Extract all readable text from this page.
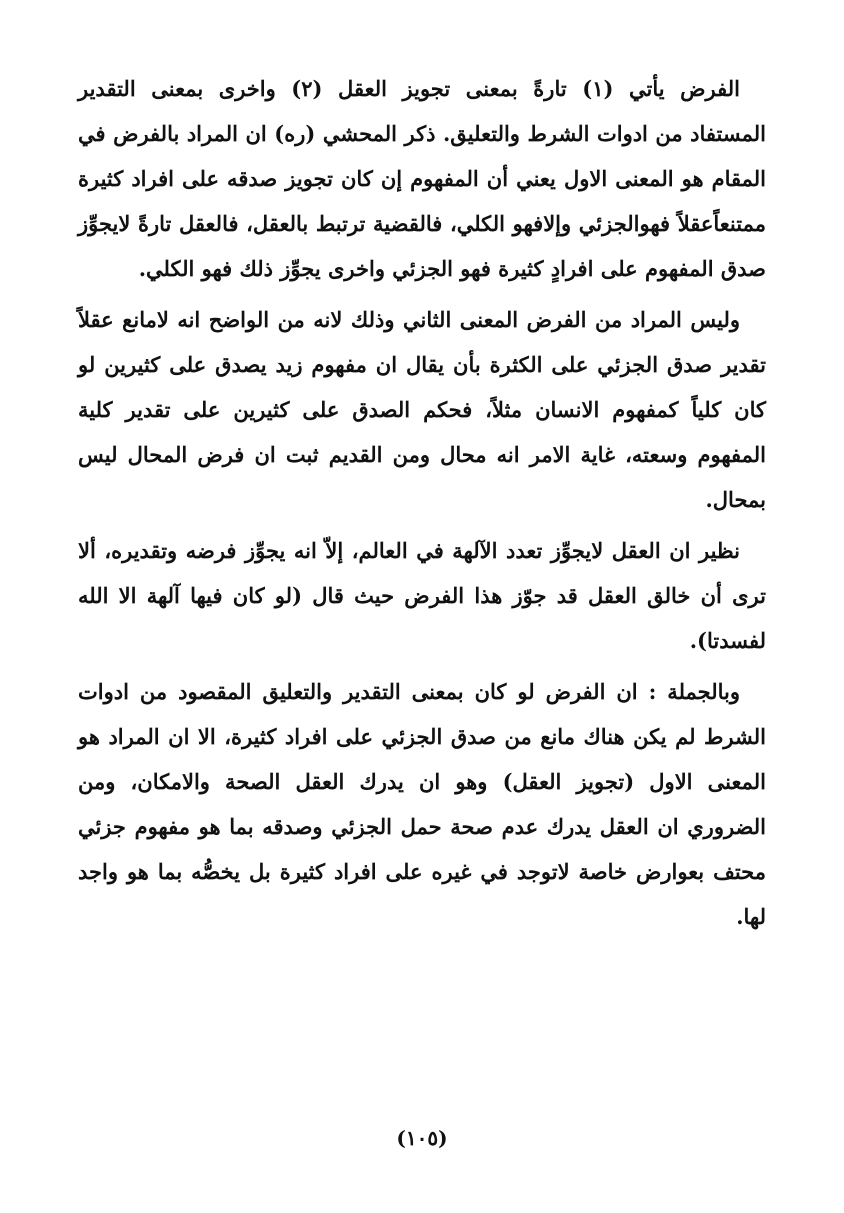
الفرض يأتي (١) تارةً بمعنى تجويز العقل (٢) واخرى بمعنى التقدير المستفاد من ادوات الشرط والتعليق. ذكر المحشي (ره) ان المراد بالفرض في المقام هو المعنى الاول يعني أن المفهوم إن كان تجويز صدقه على افراد كثيرة ممتنعاًعقلاً فهوالجزئي وإلافهو الكلي، فالقضية ترتبط بالعقل، فالعقل تارةً لايجوِّز صدق المفهوم على افرادٍ كثيرة فهو الجزئي واخرى يجوِّز ذلك فهو الكلي.

وليس المراد من الفرض المعنى الثاني وذلك لانه من الواضح انه لامانع عقلاً تقدير صدق الجزئي على الكثرة بأن يقال ان مفهوم زيد يصدق على كثيرين لو كان كلياً كمفهوم الانسان مثلاً، فحكم الصدق على كثيرين على تقدير كلية المفهوم وسعته، غاية الامر انه محال ومن القديم ثبت ان فرض المحال ليس بمحال.

نظير ان العقل لايجوِّز تعدد الآلهة في العالم، إلاّ انه يجوِّز فرضه وتقديره، ألا ترى أن خالق العقل قد جوّز هذا الفرض حيث قال (لو كان فيها آلهة الا الله لفسدتا).

وبالجملة : ان الفرض لو كان بمعنى التقدير والتعليق المقصود من ادوات الشرط لم يكن هناك مانع من صدق الجزئي على افراد كثيرة، الا ان المراد هو المعنى الاول (تجويز العقل) وهو ان يدرك العقل الصحة والامكان، ومن الضروري ان العقل يدرك عدم صحة حمل الجزئي وصدقه بما هو مفهوم جزئي محتف بعوارض خاصة لاتوجد في غيره على افراد كثيرة بل يخصُّه بما هو واجد لها.

(١٠٥)
